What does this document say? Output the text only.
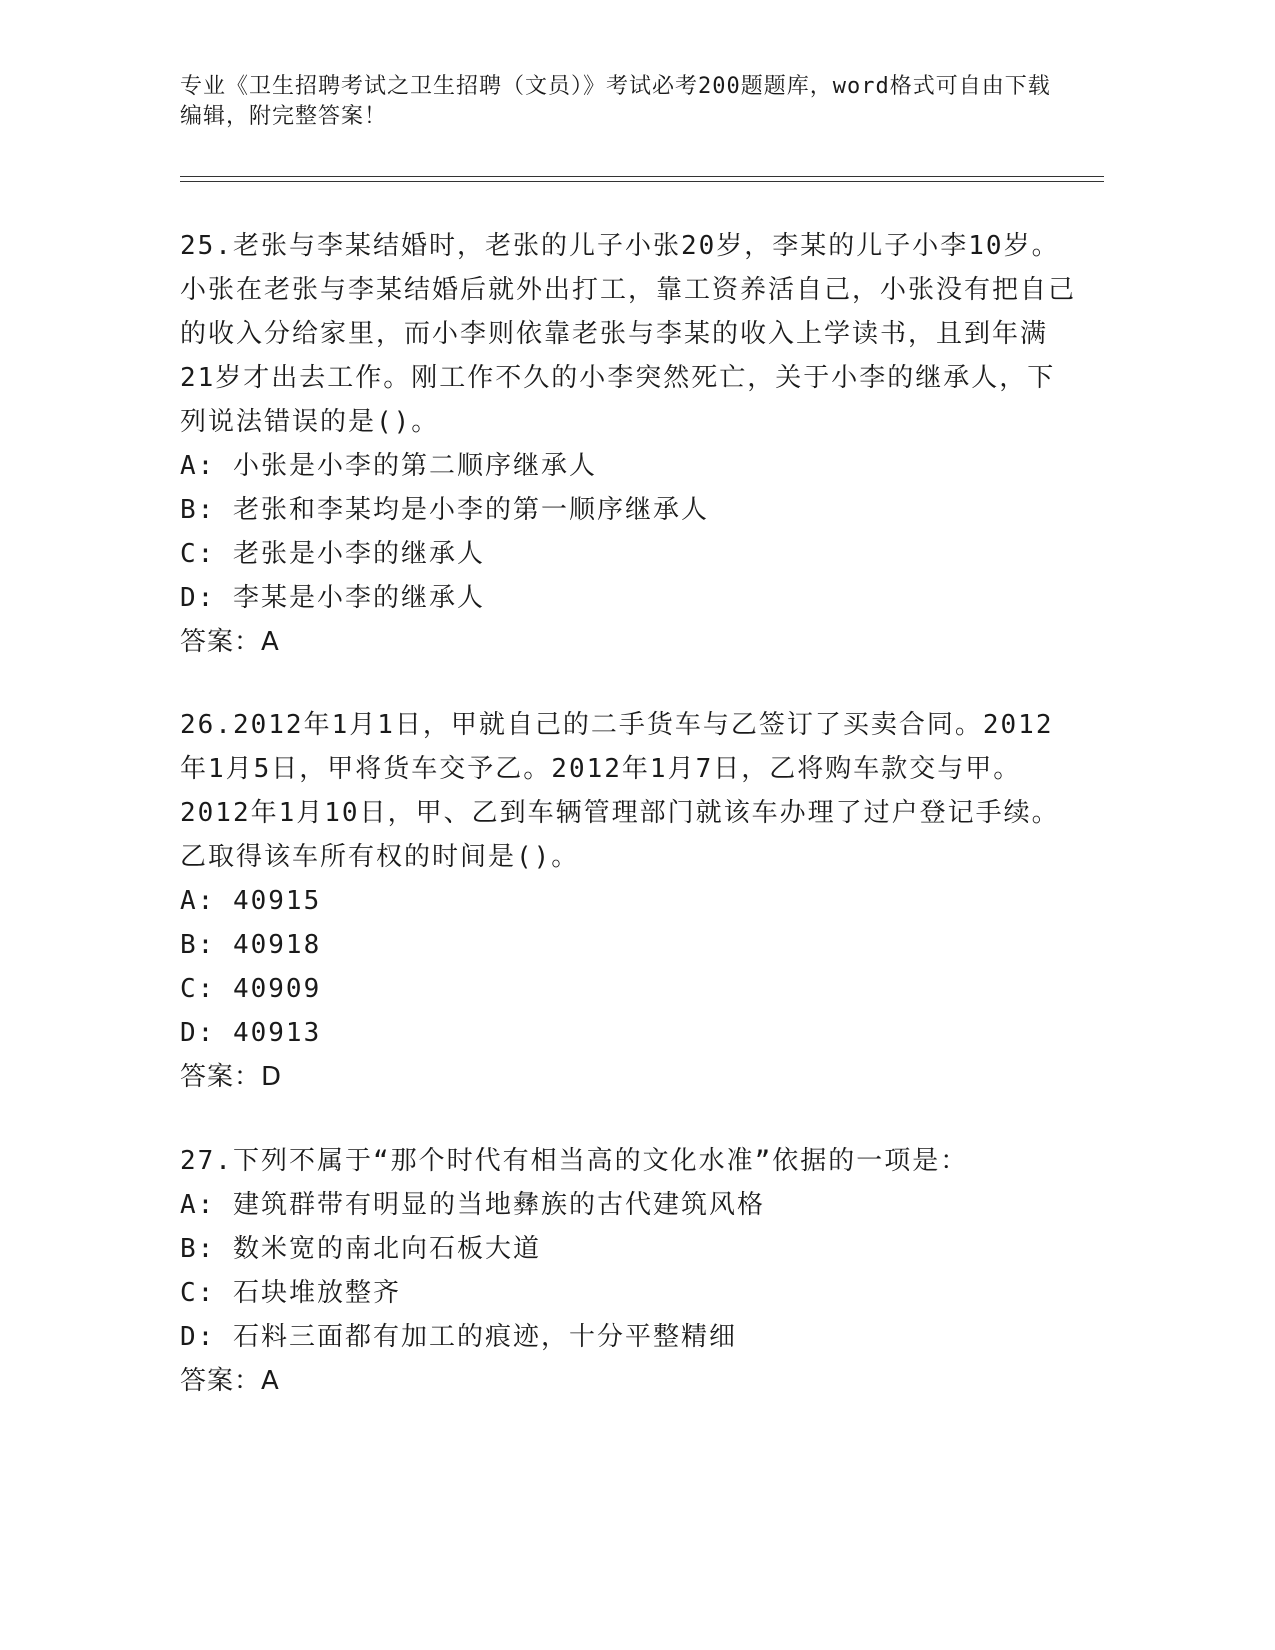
专业《卫生招聘考试之卫生招聘（文员）》考试必考200题题库，word格式可自由下载编辑，附完整答案！
25.老张与李某结婚时，老张的儿子小张20岁，李某的儿子小李10岁。小张在老张与李某结婚后就外出打工，靠工资养活自己，小张没有把自己的收入分给家里，而小李则依靠老张与李某的收入上学读书，且到年满21岁才出去工作。刚工作不久的小李突然死亡，关于小李的继承人，下列说法错误的是()。
A: 小张是小李的第二顺序继承人
B: 老张和李某均是小李的第一顺序继承人
C: 老张是小李的继承人
D: 李某是小李的继承人
答案：A
26.2012年1月1日，甲就自己的二手货车与乙签订了买卖合同。2012年1月5日，甲将货车交予乙。2012年1月7日，乙将购车款交与甲。2012年1月10日，甲、乙到车辆管理部门就该车办理了过户登记手续。乙取得该车所有权的时间是()。
A: 40915
B: 40918
C: 40909
D: 40913
答案：D
27.下列不属于“那个时代有相当高的文化水准”依据的一项是：
A: 建筑群带有明显的当地彝族的古代建筑风格
B: 数米宽的南北向石板大道
C: 石块堆放整齐
D: 石料三面都有加工的痕迹，十分平整精细
答案：A
